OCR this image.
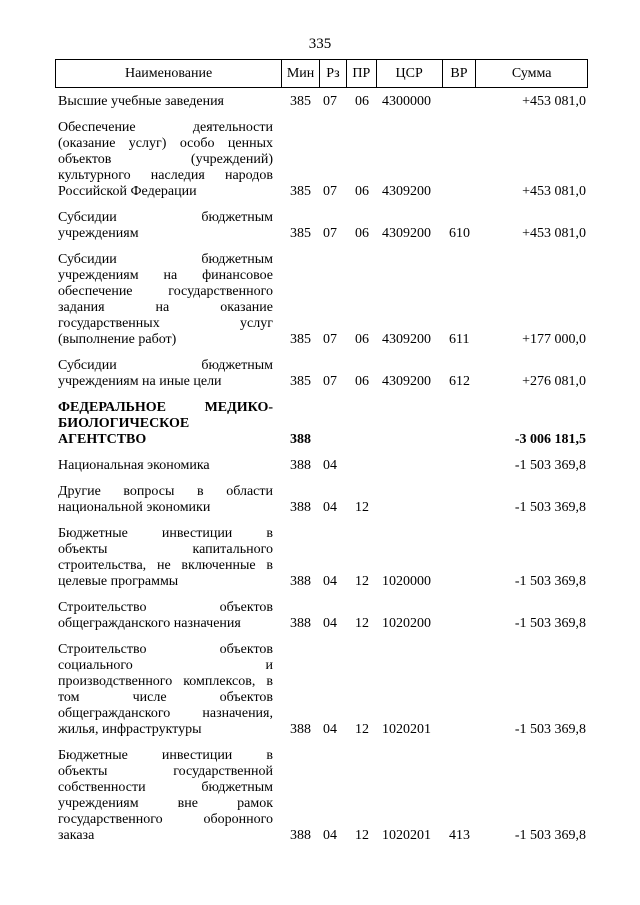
335
Наименование	Мин Рз ПР	ЦСР	ВР	Сумма
Высшие учебные заведения	385 07 06 4300000	+453 081,0
Обеспечение деятельности
(оказание услуг) особо ценных
объектов (учреждений)
культурного наследия народов
Российской Федерации	385 07 06 4309200	+453 081,0
Субсидии бюджетным
учреждениям	385 07 06 4309200 610	+453 081,0
Субсидии бюджетным
учреждениям на финансовое
обеспечение государственного
задания на оказание
государственных услуг
(выполнение работ)	385 07 06 4309200 611	+177 000,0
Субсидии бюджетным
учреждениям на иные цели	385 07 06 4309200 612	+276 081,0
ФЕДЕРАЛЬНОЕ МЕДИКО-
БИОЛОГИЧЕСКОЕ
АГЕНТСТВО	388	-3 006 181,5
Национальная экономика	388 04	-1 503 369,8
Другие вопросы в области
национальной экономики	388 04 12	-1 503 369,8
Бюджетные инвестиции в
объекты капитального
строительства, не включенные в
целевые программы	388 04 12 1020000	-1 503 369,8
Строительство объектов
общегражданского назначения	388 04 12 1020200	-1 503 369,8
Строительство объектов
социального и
производственного комплексов, в
том числе объектов
общегражданского назначения,
жилья, инфраструктуры	388 04 12 1020201	-1 503 369,8
Бюджетные инвестиции в
объекты государственной
собственности бюджетным
учреждениям вне рамок
государственного оборонного
заказа	388 04 12 1020201 413	-1 503 369,8
